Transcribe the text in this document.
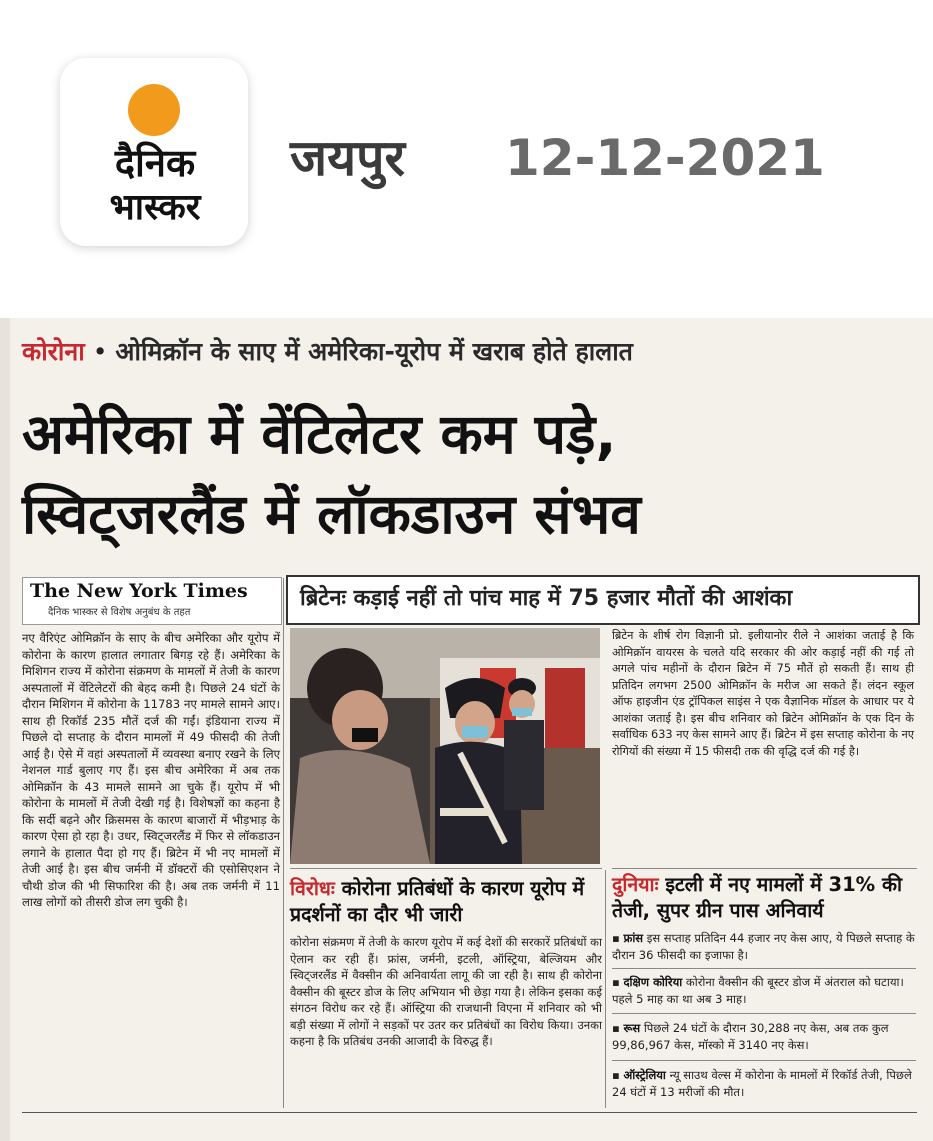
दैनिक
भास्कर
जयपुर 12-12-2021
कोरोना • ओमिक्रॉन के साए में अमेरिका-यूरोप में खराब होते हालात
अमेरिका में वेंटिलेटर कम पड़े,
स्विट्जरलैंड में लॉकडाउन संभव
The New York Times
दैनिक भास्कर से विशेष अनुबंध के तहत
नए वैरिएंट ओमिक्रॉन के साए के बीच अमेरिका और यूरोप में कोरोना के कारण हालात लगातार बिगड़ रहे हैं। अमेरिका के मिशिगन राज्य में कोरोना संक्रमण के मामलों में तेजी के कारण अस्पतालों में वेंटिलेटरों की बेहद कमी है। पिछले 24 घंटों के दौरान मिशिगन में कोरोना के 11783 नए मामले सामने आए। साथ ही रिकॉर्ड 235 मौतें दर्ज की गईं। इंडियाना राज्य में पिछले दो सप्ताह के दौरान मामलों में 49 फीसदी की तेजी आई है। ऐसे में वहां अस्पतालों में व्यवस्था बनाए रखने के लिए नेशनल गार्ड बुलाए गए हैं। इस बीच अमेरिका में अब तक ओमिक्रॉन के 43 मामले सामने आ चुके हैं। यूरोप में भी कोरोना के मामलों में तेजी देखी गई है। विशेषज्ञों का कहना है कि सर्दी बढ़ने और क्रिसमस के कारण बाजारों में भीड़भाड़ के कारण ऐसा हो रहा है। उधर, स्विट्जरलैंड में फिर से लॉकडाउन लगाने के हालात पैदा हो गए हैं। ब्रिटेन में भी नए मामलों में तेजी आई है। इस बीच जर्मनी में डॉक्टरों की एसोसिएशन ने चौथी डोज की भी सिफारिश की है। अब तक जर्मनी में 11 लाख लोगों को तीसरी डोज लग चुकी है।
ब्रिटेनः कड़ाई नहीं तो पांच माह में 75 हजार मौतों की आशंका
ब्रिटेन के शीर्ष रोग विज्ञानी प्रो. इलीयानोर रीले ने आशंका जताई है कि ओमिक्रॉन वायरस के चलते यदि सरकार की ओर कड़ाई नहीं की गई तो अगले पांच महीनों के दौरान ब्रिटेन में 75 मौतें हो सकती हैं। साथ ही प्रतिदिन लगभग 2500 ओमिक्रॉन के मरीज आ सकते हैं। लंदन स्कूल ऑफ हाइजीन एंड ट्रॉपिकल साइंस ने एक वैज्ञानिक मॉडल के आधार पर ये आशंका जताई है। इस बीच शनिवार को ब्रिटेन ओमिक्रॉन के एक दिन के सर्वाधिक 633 नए केस सामने आए हैं। ब्रिटेन में इस सप्ताह कोरोना के नए रोगियों की संख्या में 15 फीसदी तक की वृद्धि दर्ज की गई है।
विरोधः कोरोना प्रतिबंधों के कारण यूरोप में प्रदर्शनों का दौर भी जारी
कोरोना संक्रमण में तेजी के कारण यूरोप में कई देशों की सरकारें प्रतिबंधों का ऐलान कर रही हैं। फ्रांस, जर्मनी, इटली, ऑस्ट्रिया, बेल्जियम और स्विट्जरलैंड में वैक्सीन की अनिवार्यता लागू की जा रही है। साथ ही कोरोना वैक्सीन की बूस्टर डोज के लिए अभियान भी छेड़ा गया है। लेकिन इसका कई संगठन विरोध कर रहे हैं। ऑस्ट्रिया की राजधानी विएना में शनिवार को भी बड़ी संख्या में लोगों ने सड़कों पर उतर कर प्रतिबंधों का विरोध किया। उनका कहना है कि प्रतिबंध उनकी आजादी के विरुद्ध हैं।
दुनियाः इटली में नए मामलों में 31% की तेजी, सुपर ग्रीन पास अनिवार्य
▪ फ्रांस इस सप्ताह प्रतिदिन 44 हजार नए केस आए, ये पिछले सप्ताह के दौरान 36 फीसदी का इजाफा है।
▪ दक्षिण कोरिया कोरोना वैक्सीन की बूस्टर डोज में अंतराल को घटाया। पहले 5 माह का था अब 3 माह।
▪ रूस पिछले 24 घंटों के दौरान 30,288 नए केस, अब तक कुल 99,86,967 केस, मॉस्को में 3140 नए केस।
▪ ऑस्ट्रेलिया न्यू साउथ वेल्स में कोरोना के मामलों में रिकॉर्ड तेजी, पिछले 24 घंटों में 13 मरीजों की मौत।
